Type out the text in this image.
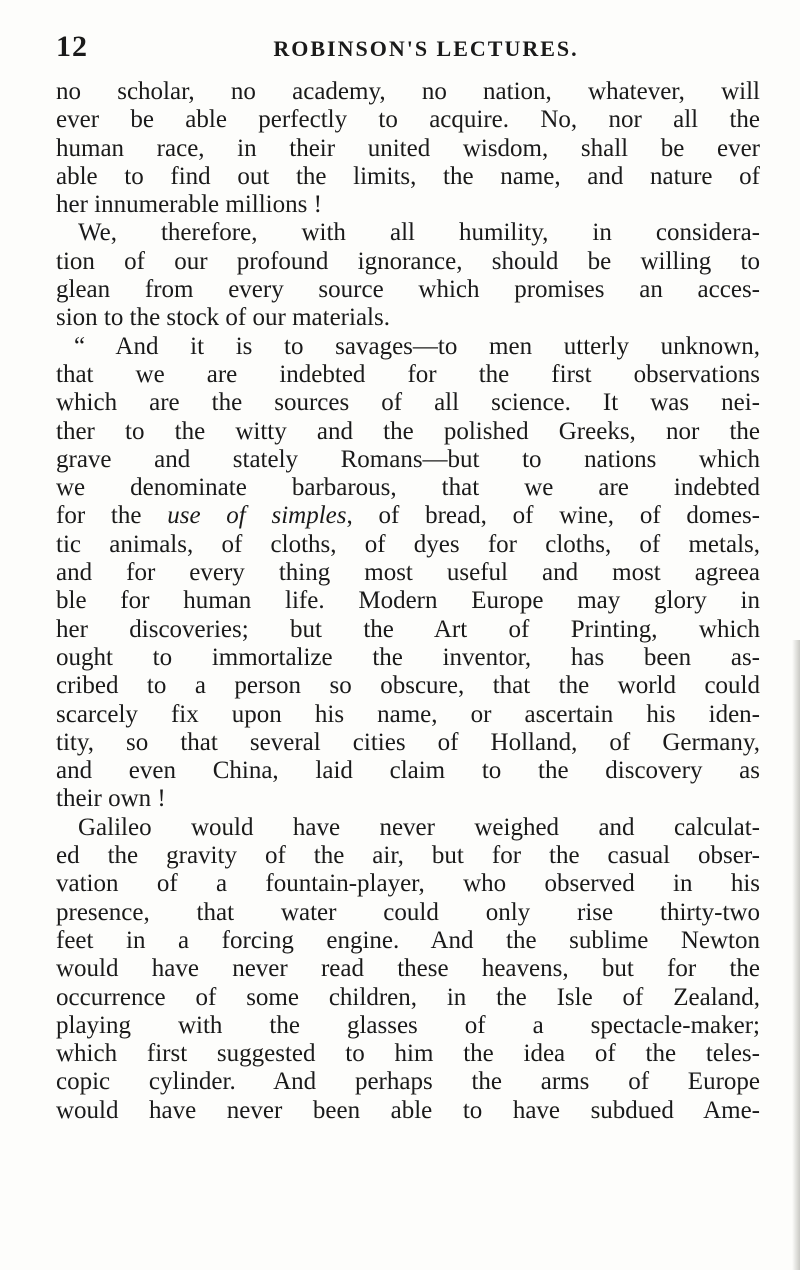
12	ROBINSON'S LECTURES.
no scholar, no academy, no nation, whatever, will
ever be able perfectly to acquire. No, nor all the
human race, in their united wisdom, shall be ever
able to find out the limits, the name, and nature of
her innumerable millions !
We, therefore, with all humility, in considera-
tion of our profound ignorance, should be willing to
glean from every source which promises an acces-
sion to the stock of our materials.
“ And it is to savages—to men utterly unknown,
that we are indebted for the first observations
which are the sources of all science. It was nei-
ther to the witty and the polished Greeks, nor the
grave and stately Romans—but to nations which
we denominate barbarous, that we are indebted
for the use of simples, of bread, of wine, of domes-
tic animals, of cloths, of dyes for cloths, of metals,
and for every thing most useful and most agreea
ble for human life. Modern Europe may glory in
her discoveries; but the Art of Printing, which
ought to immortalize the inventor, has been as-
cribed to a person so obscure, that the world could
scarcely fix upon his name, or ascertain his iden-
tity, so that several cities of Holland, of Germany,
and even China, laid claim to the discovery as
their own !
Galileo would have never weighed and calculat-
ed the gravity of the air, but for the casual obser-
vation of a fountain-player, who observed in his
presence, that water could only rise thirty-two
feet in a forcing engine. And the sublime Newton
would have never read these heavens, but for the
occurrence of some children, in the Isle of Zealand,
playing with the glasses of a spectacle-maker;
which first suggested to him the idea of the teles-
copic cylinder. And perhaps the arms of Europe
would have never been able to have subdued Ame-
